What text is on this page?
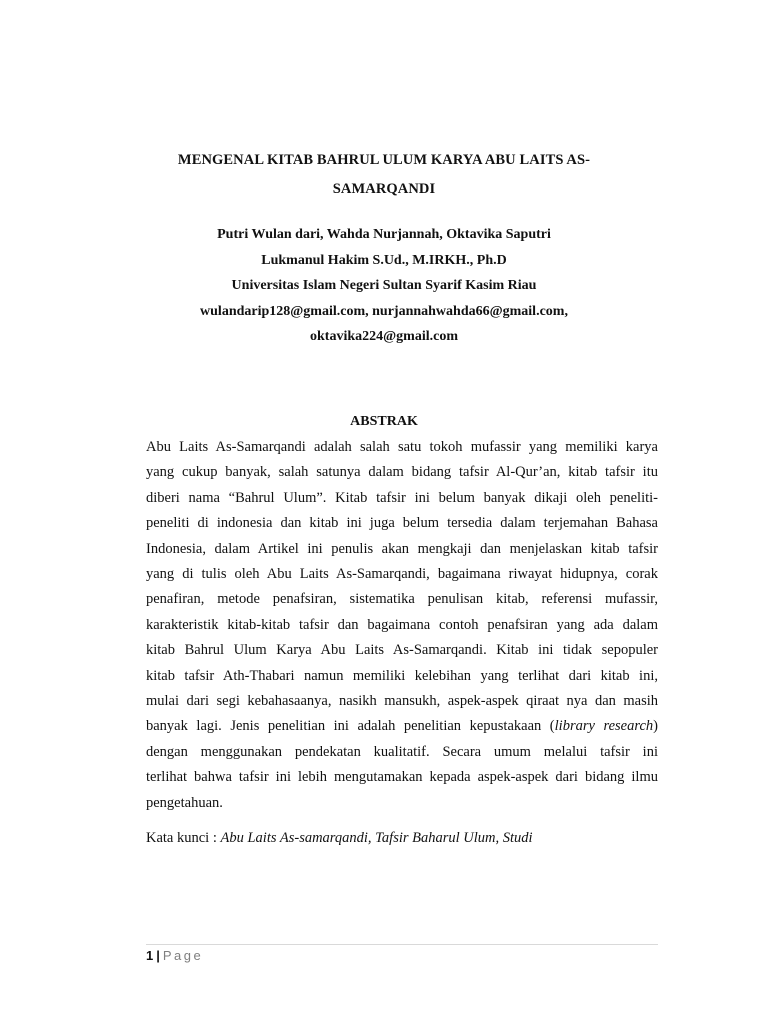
MENGENAL KITAB BAHRUL ULUM KARYA ABU LAITS AS-
SAMARQANDI
Putri Wulan dari, Wahda Nurjannah, Oktavika Saputri
Lukmanul Hakim S.Ud., M.IRKH., Ph.D
Universitas Islam Negeri Sultan Syarif Kasim Riau
wulandarip128@gmail.com, nurjannahwahda66@gmail.com,
oktavika224@gmail.com
ABSTRAK
Abu Laits As-Samarqandi adalah salah satu tokoh mufassir yang memiliki karya
yang cukup banyak, salah satunya dalam bidang tafsir Al-Qur’an, kitab tafsir itu
diberi nama “Bahrul Ulum”. Kitab tafsir ini belum banyak dikaji oleh peneliti-
peneliti di indonesia dan kitab ini juga belum tersedia dalam terjemahan Bahasa
Indonesia, dalam Artikel ini penulis akan mengkaji dan menjelaskan kitab tafsir
yang di tulis oleh Abu Laits As-Samarqandi, bagaimana riwayat hidupnya, corak
penafiran, metode penafsiran, sistematika penulisan kitab, referensi mufassir,
karakteristik kitab-kitab tafsir dan bagaimana contoh penafsiran yang ada dalam
kitab Bahrul Ulum Karya Abu Laits As-Samarqandi. Kitab ini tidak sepopuler
kitab tafsir Ath-Thabari namun memiliki kelebihan yang terlihat dari kitab ini,
mulai dari segi kebahasaanya, nasikh mansukh, aspek-aspek qiraat nya dan masih
banyak lagi. Jenis penelitian ini adalah penelitian kepustakaan (library research)
dengan menggunakan pendekatan kualitatif. Secara umum melalui tafsir ini
terlihat bahwa tafsir ini lebih mengutamakan kepada aspek-aspek dari bidang ilmu
pengetahuan.
Kata kunci : Abu Laits As-samarqandi, Tafsir Baharul Ulum, Studi
1 | Page
